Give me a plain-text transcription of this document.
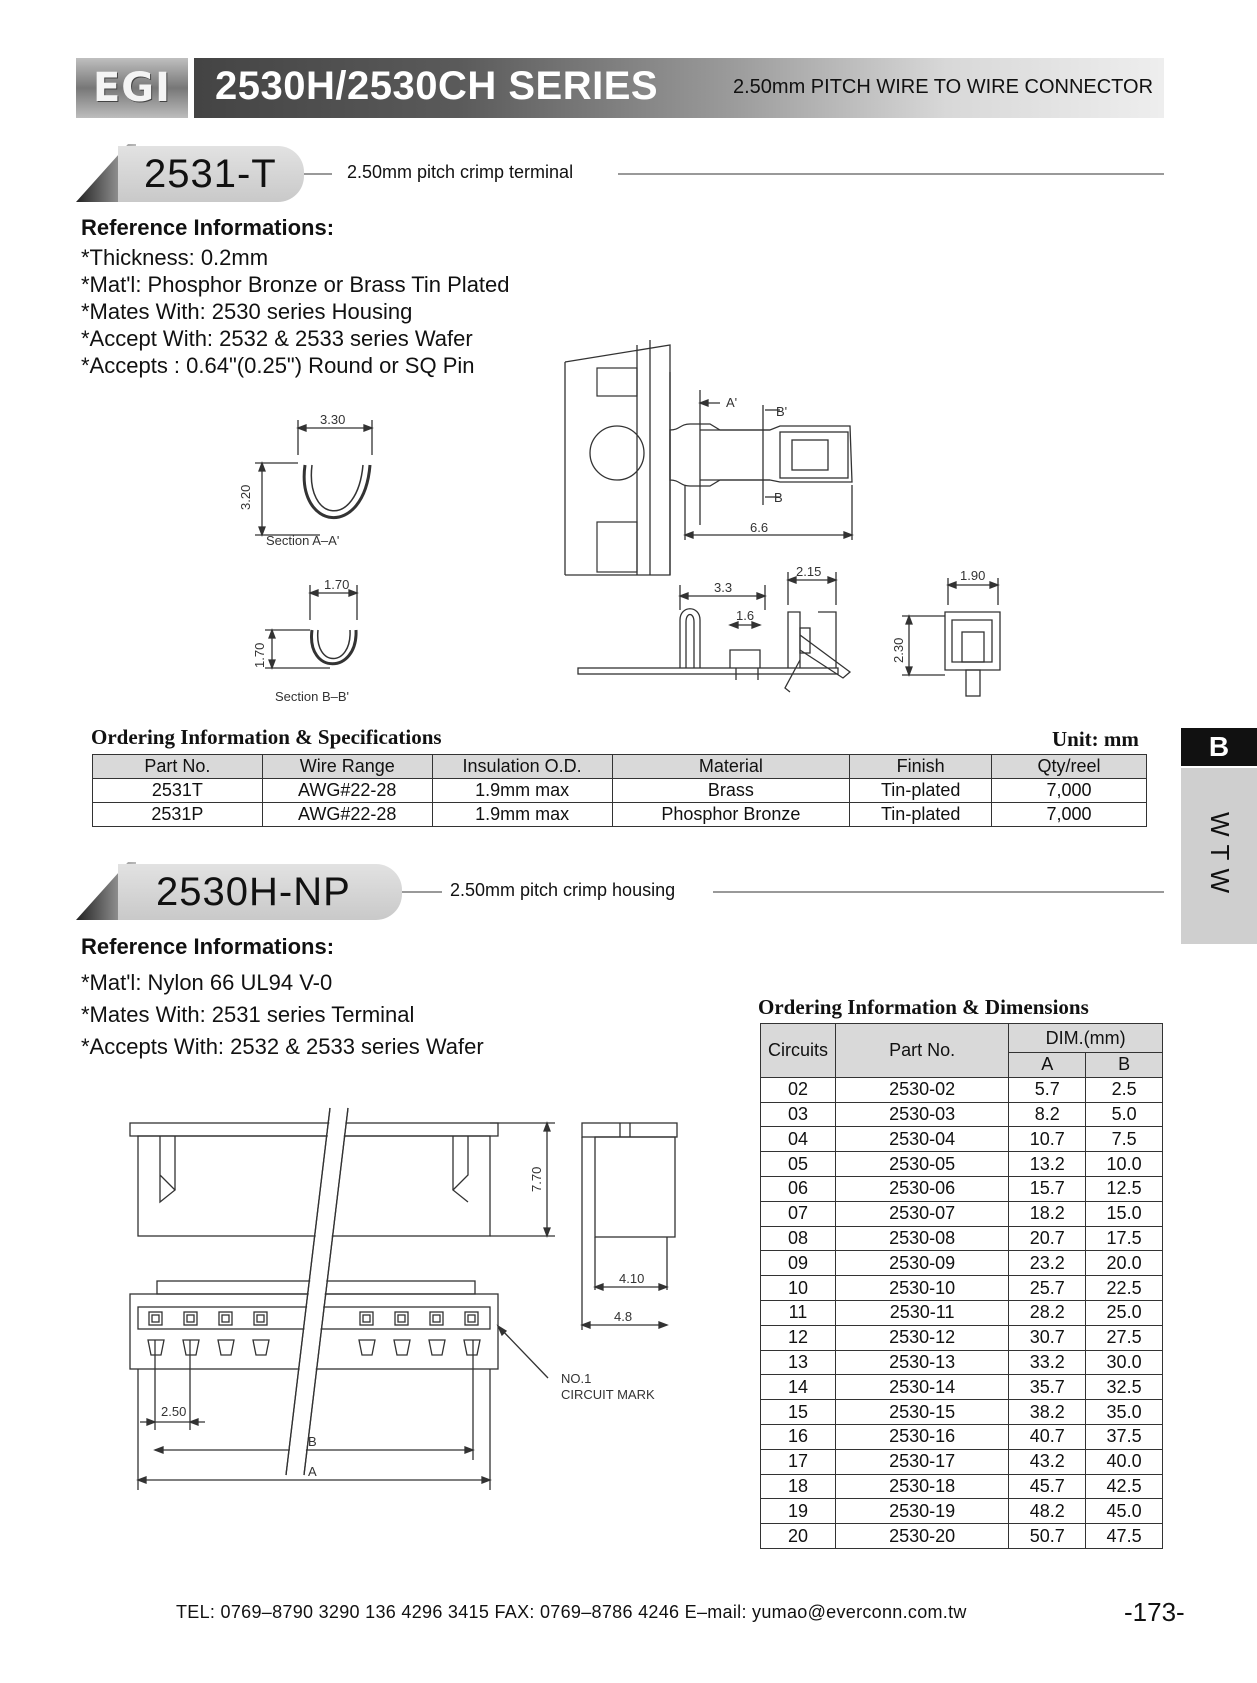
EGI 2530H/2530CH SERIES	2.50mm PITCH WIRE TO WIRE CONNECTOR
2531-T	2.50mm pitch crimp terminal
Reference Informations:
*Thickness: 0.2mm
*Mat'l: Phosphor Bronze or Brass Tin Plated
*Mates With: 2530 series Housing
*Accept With: 2532 & 2533 series Wafer
*Accepts : 0.64"(0.25") Round or SQ Pin
3.30
3.20
Section A–A'
1.70
1.70
Section B–B'
A'
B'
B
6.6
3.3
2.15
1.6
1.90
2.30
Ordering Information & Specifications	Unit: mm
Part No.	Wire Range	Insulation O.D.	Material	Finish	Qty/reel
2531T	AWG#22-28	1.9mm max	Brass	Tin-plated	7,000
2531P	AWG#22-28	1.9mm max	Phosphor Bronze	Tin-plated	7,000
B
WTW
2530H-NP	2.50mm pitch crimp housing
Reference Informations:
*Mat'l: Nylon 66 UL94 V-0
*Mates With: 2531 series Terminal
*Accepts With: 2532 & 2533 series Wafer
7.70
4.10
4.8
2.50
B
A
NO.1
CIRCUIT MARK
Ordering Information & Dimensions
Circuits	Part No.	DIM.(mm)	
		A	B
02	2530-02	5.7	2.5
03	2530-03	8.2	5.0
04	2530-04	10.7	7.5
05	2530-05	13.2	10.0
06	2530-06	15.7	12.5
07	2530-07	18.2	15.0
08	2530-08	20.7	17.5
09	2530-09	23.2	20.0
10	2530-10	25.7	22.5
11	2530-11	28.2	25.0
12	2530-12	30.7	27.5
13	2530-13	33.2	30.0
14	2530-14	35.7	32.5
15	2530-15	38.2	35.0
16	2530-16	40.7	37.5
17	2530-17	43.2	40.0
18	2530-18	45.7	42.5
19	2530-19	48.2	45.0
20	2530-20	50.7	47.5
TEL: 0769–8790 3290 136 4296 3415 FAX: 0769–8786 4246 E–mail: yumao@everconn.com.tw	-173-
